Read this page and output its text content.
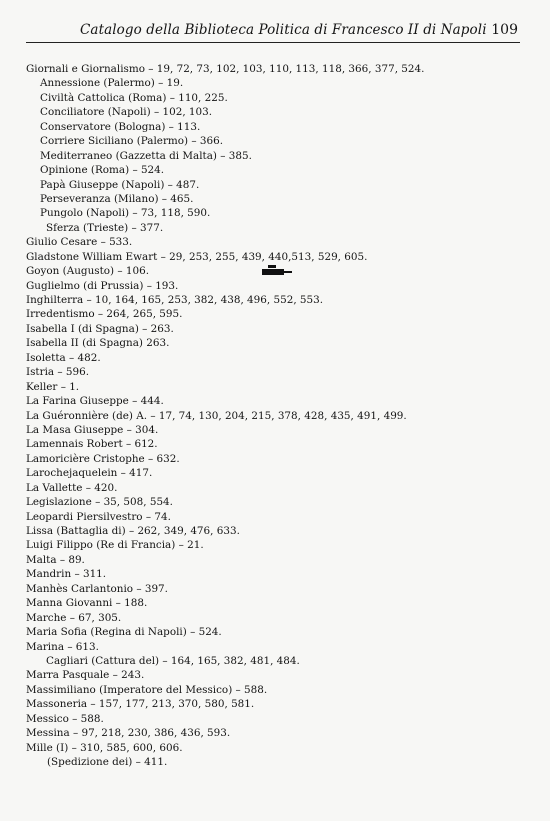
Catalogo della Biblioteca Politica di Francesco II di Napoli 109
Giornali e Giornalismo – 19, 72, 73, 102, 103, 110, 113, 118, 366, 377, 524.
Annessione (Palermo) – 19.
Civiltà Cattolica (Roma) – 110, 225.
Conciliatore (Napoli) – 102, 103.
Conservatore (Bologna) – 113.
Corriere Siciliano (Palermo) – 366.
Mediterraneo (Gazzetta di Malta) – 385.
Opinione (Roma) – 524.
Papà Giuseppe (Napoli) – 487.
Perseveranza (Milano) – 465.
Pungolo (Napoli) – 73, 118, 590.
Sferza (Trieste) – 377.
Giulio Cesare – 533.
Gladstone William Ewart – 29, 253, 255, 439, 440,513, 529, 605.
Goyon (Augusto) – 106.
Guglielmo (di Prussia) – 193.
Inghilterra – 10, 164, 165, 253, 382, 438, 496, 552, 553.
Irredentismo – 264, 265, 595.
Isabella I (di Spagna) – 263.
Isabella II (di Spagna) 263.
Isoletta – 482.
Istria – 596.
Keller – 1.
La Farina Giuseppe – 444.
La Guéronnière (de) A. – 17, 74, 130, 204, 215, 378, 428, 435, 491, 499.
La Masa Giuseppe – 304.
Lamennais Robert – 612.
Lamoricière Cristophe – 632.
Larochejaquelein – 417.
La Vallette – 420.
Legislazione – 35, 508, 554.
Leopardi Piersilvestro – 74.
Lissa (Battaglia di) – 262, 349, 476, 633.
Luigi Filippo (Re di Francia) – 21.
Malta – 89.
Mandrin – 311.
Manhès Carlantonio – 397.
Manna Giovanni – 188.
Marche – 67, 305.
Maria Sofia (Regina di Napoli) – 524.
Marina – 613.
Cagliari (Cattura del) – 164, 165, 382, 481, 484.
Marra Pasquale – 243.
Massimiliano (Imperatore del Messico) – 588.
Massoneria – 157, 177, 213, 370, 580, 581.
Messico – 588.
Messina – 97, 218, 230, 386, 436, 593.
Mille (I) – 310, 585, 600, 606.
(Spedizione dei) – 411.
